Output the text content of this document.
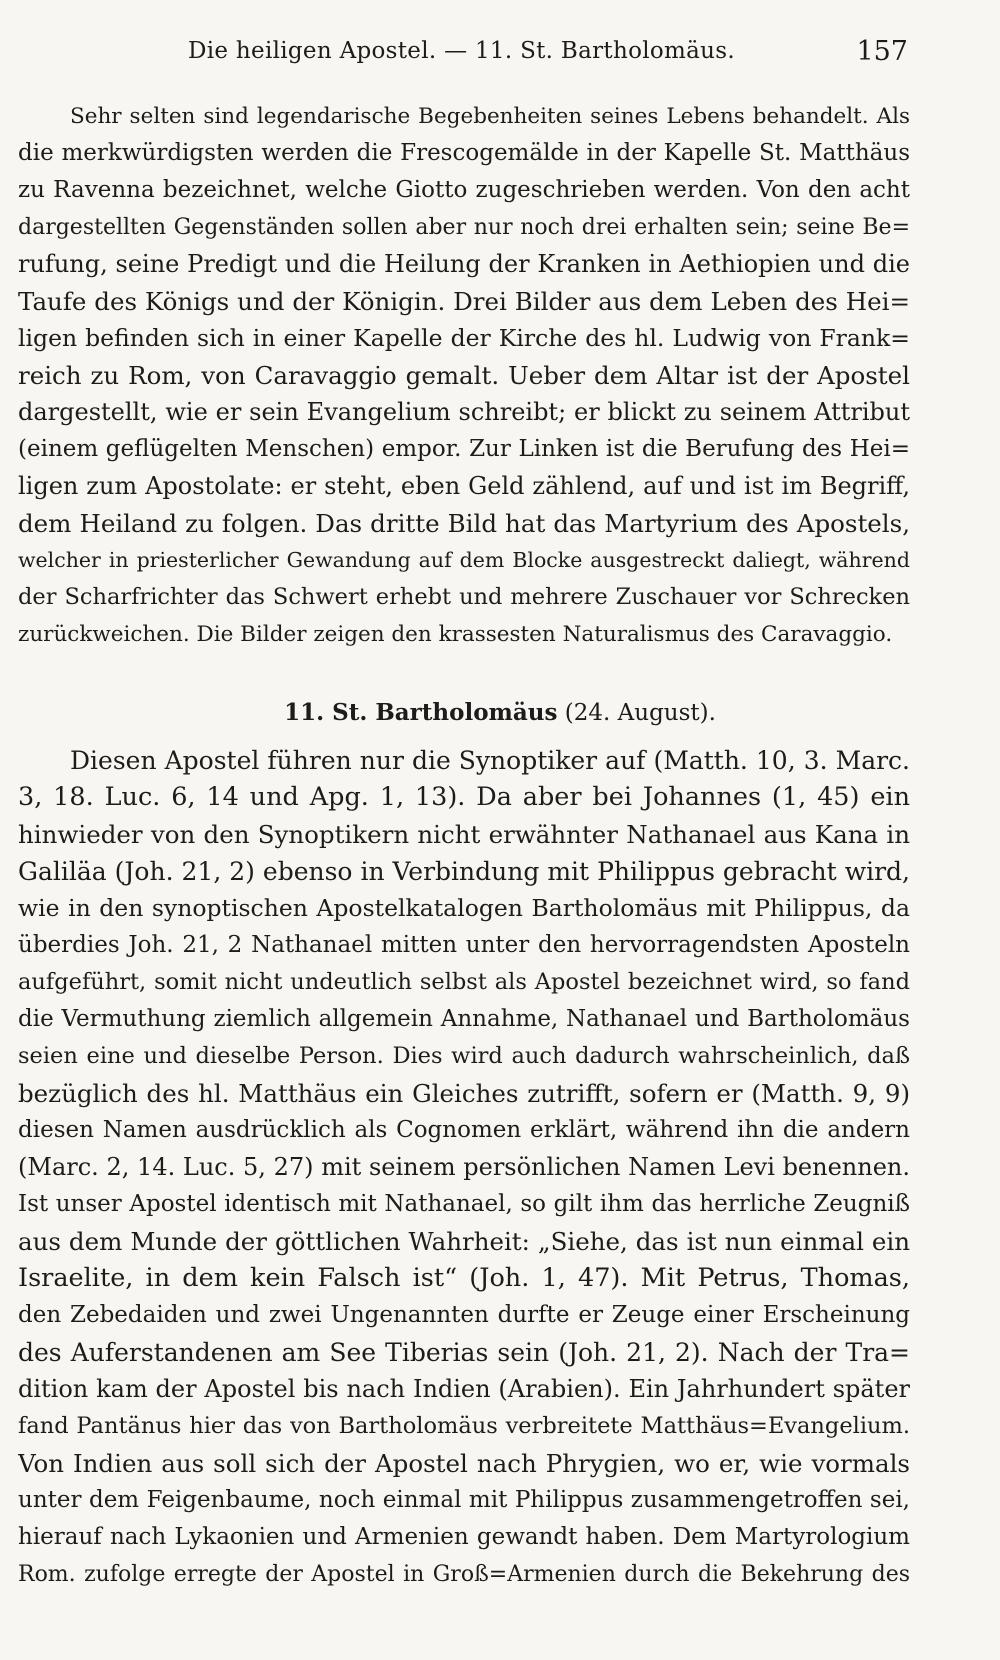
Die heiligen Apostel. — 11. St. Bartholomäus.	157
Sehr selten sind legendarische Begebenheiten seines Lebens behandelt. Als
die merkwürdigsten werden die Frescogemälde in der Kapelle St. Matthäus
zu Ravenna bezeichnet, welche Giotto zugeschrieben werden. Von den acht
dargestellten Gegenständen sollen aber nur noch drei erhalten sein; seine Be=
rufung, seine Predigt und die Heilung der Kranken in Aethiopien und die
Taufe des Königs und der Königin. Drei Bilder aus dem Leben des Hei=
ligen befinden sich in einer Kapelle der Kirche des hl. Ludwig von Frank=
reich zu Rom, von Caravaggio gemalt. Ueber dem Altar ist der Apostel
dargestellt, wie er sein Evangelium schreibt; er blickt zu seinem Attribut
(einem geflügelten Menschen) empor. Zur Linken ist die Berufung des Hei=
ligen zum Apostolate: er steht, eben Geld zählend, auf und ist im Begriff,
dem Heiland zu folgen. Das dritte Bild hat das Martyrium des Apostels,
welcher in priesterlicher Gewandung auf dem Blocke ausgestreckt daliegt, während
der Scharfrichter das Schwert erhebt und mehrere Zuschauer vor Schrecken
zurückweichen. Die Bilder zeigen den krassesten Naturalismus des Caravaggio.
11. St. Bartholomäus (24. August).
Diesen Apostel führen nur die Synoptiker auf (Matth. 10, 3. Marc.
3, 18. Luc. 6, 14 und Apg. 1, 13). Da aber bei Johannes (1, 45) ein
hinwieder von den Synoptikern nicht erwähnter Nathanael aus Kana in
Galiläa (Joh. 21, 2) ebenso in Verbindung mit Philippus gebracht wird,
wie in den synoptischen Apostelkatalogen Bartholomäus mit Philippus, da
überdies Joh. 21, 2 Nathanael mitten unter den hervorragendsten Aposteln
aufgeführt, somit nicht undeutlich selbst als Apostel bezeichnet wird, so fand
die Vermuthung ziemlich allgemein Annahme, Nathanael und Bartholomäus
seien eine und dieselbe Person. Dies wird auch dadurch wahrscheinlich, daß
bezüglich des hl. Matthäus ein Gleiches zutrifft, sofern er (Matth. 9, 9)
diesen Namen ausdrücklich als Cognomen erklärt, während ihn die andern
(Marc. 2, 14. Luc. 5, 27) mit seinem persönlichen Namen Levi benennen.
Ist unser Apostel identisch mit Nathanael, so gilt ihm das herrliche Zeugniß
aus dem Munde der göttlichen Wahrheit: „Siehe, das ist nun einmal ein
Israelite, in dem kein Falsch ist“ (Joh. 1, 47). Mit Petrus, Thomas,
den Zebedaiden und zwei Ungenannten durfte er Zeuge einer Erscheinung
des Auferstandenen am See Tiberias sein (Joh. 21, 2). Nach der Tra=
dition kam der Apostel bis nach Indien (Arabien). Ein Jahrhundert später
fand Pantänus hier das von Bartholomäus verbreitete Matthäus=Evangelium.
Von Indien aus soll sich der Apostel nach Phrygien, wo er, wie vormals
unter dem Feigenbaume, noch einmal mit Philippus zusammengetroffen sei,
hierauf nach Lykaonien und Armenien gewandt haben. Dem Martyrologium
Rom. zufolge erregte der Apostel in Groß=Armenien durch die Bekehrung des
